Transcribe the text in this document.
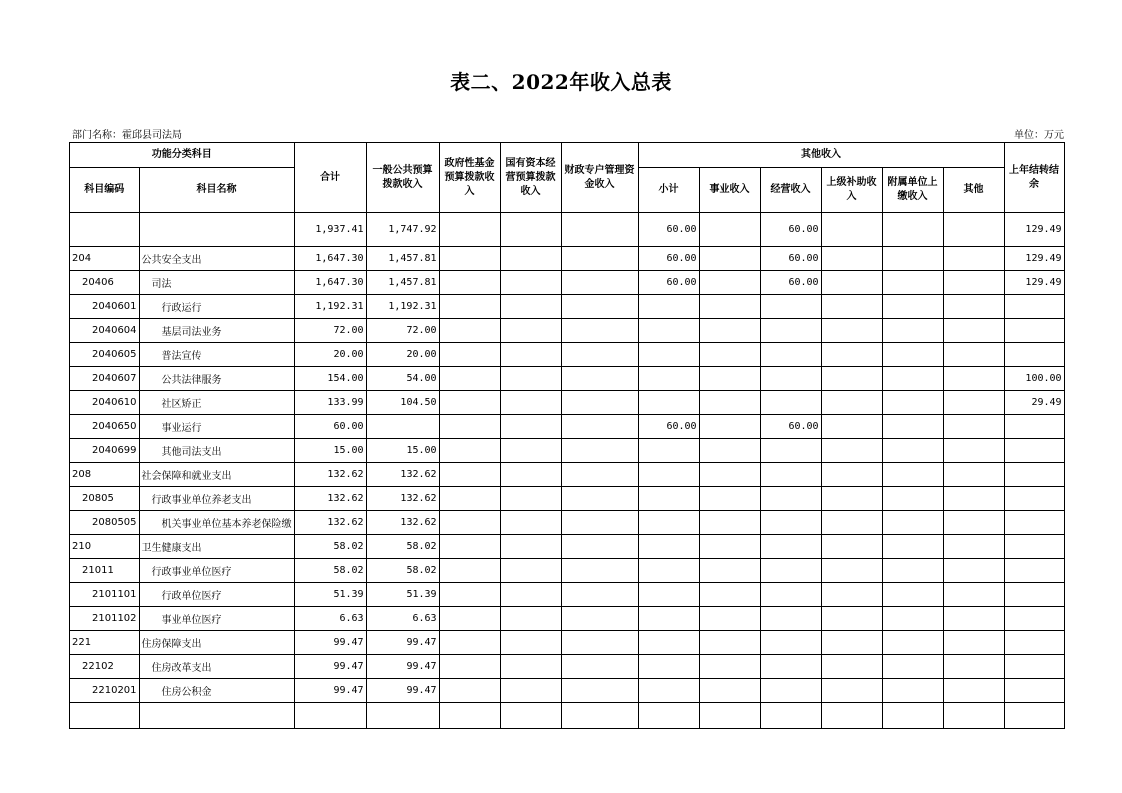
表二、2022年收入总表
部门名称：霍邱县司法局	单位：万元
功能分类科目		合计	一般公共预算拨款收入	政府性基金预算拨款收入	国有资本经营预算拨款收入	财政专户管理资金收入	其他收入						上年结转结余
科目编码	科目名称						小计	事业收入	经营收入	上级补助收入	附属单位上缴收入	其他	
		1,937.41	1,747.92				60.00		60.00				129.49
204	公共安全支出	1,647.30	1,457.81				60.00		60.00				129.49
20406	司法	1,647.30	1,457.81				60.00		60.00				129.49
2040601	行政运行	1,192.31	1,192.31										
2040604	基层司法业务	72.00	72.00										
2040605	普法宣传	20.00	20.00										
2040607	公共法律服务	154.00	54.00										100.00
2040610	社区矫正	133.99	104.50										29.49
2040650	事业运行	60.00					60.00		60.00				
2040699	其他司法支出	15.00	15.00										
208	社会保障和就业支出	132.62	132.62										
20805	行政事业单位养老支出	132.62	132.62										
2080505	机关事业单位基本养老保险缴	132.62	132.62										
210	卫生健康支出	58.02	58.02										
21011	行政事业单位医疗	58.02	58.02										
2101101	行政单位医疗	51.39	51.39										
2101102	事业单位医疗	6.63	6.63										
221	住房保障支出	99.47	99.47										
22102	住房改革支出	99.47	99.47										
2210201	住房公积金	99.47	99.47										
